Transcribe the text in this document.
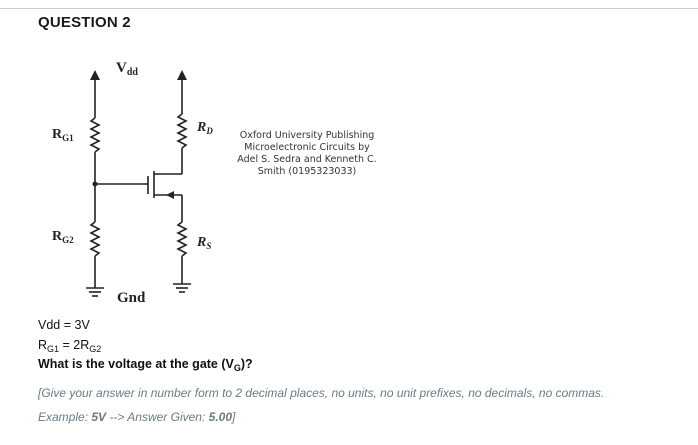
QUESTION 2
$V_{dd}$
$R_{G1}$
$R_{G2}$
$R_D$
$R_S$
Gnd
Oxford University Publishing
Microelectronic Circuits by
Adel S. Sedra and Kenneth C.
Smith (0195323033)
Vdd = 3V
$R_{G1} = 2R_{G2}$
What is the voltage at the gate $(V_G)$?
[Give your answer in number form to 2 decimal places, no units, no unit prefixes, no decimals, no commas.
Example: 5V --> Answer Given: 5.00]
